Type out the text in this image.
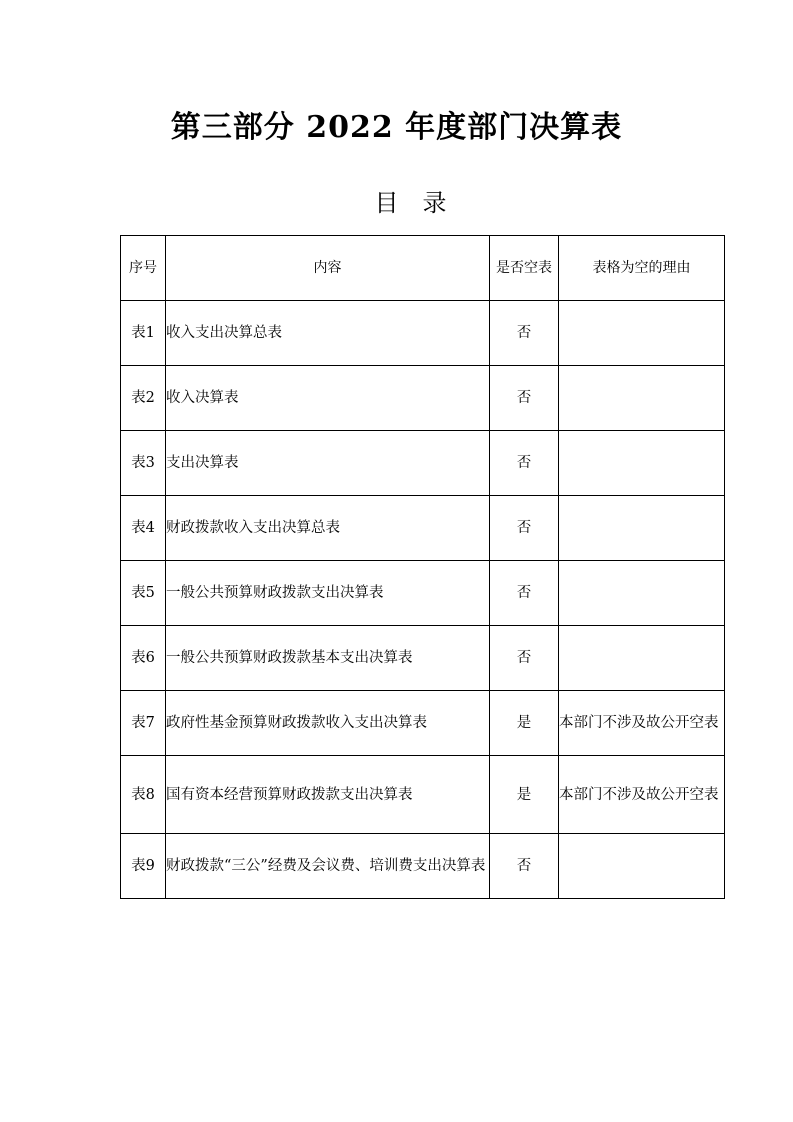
第三部分 2022 年度部门决算表
目录
序号	内容	是否空表	表格为空的理由
表1	收入支出决算总表	否	
表2	收入决算表	否	
表3	支出决算表	否	
表4	财政拨款收入支出决算总表	否	
表5	一般公共预算财政拨款支出决算表	否	
表6	一般公共预算财政拨款基本支出决算表	否	
表7	政府性基金预算财政拨款收入支出决算表	是	本部门不涉及故公开空表
表8	国有资本经营预算财政拨款支出决算表	是	本部门不涉及故公开空表
表9	财政拨款“三公”经费及会议费、培训费支出决算表	否	
